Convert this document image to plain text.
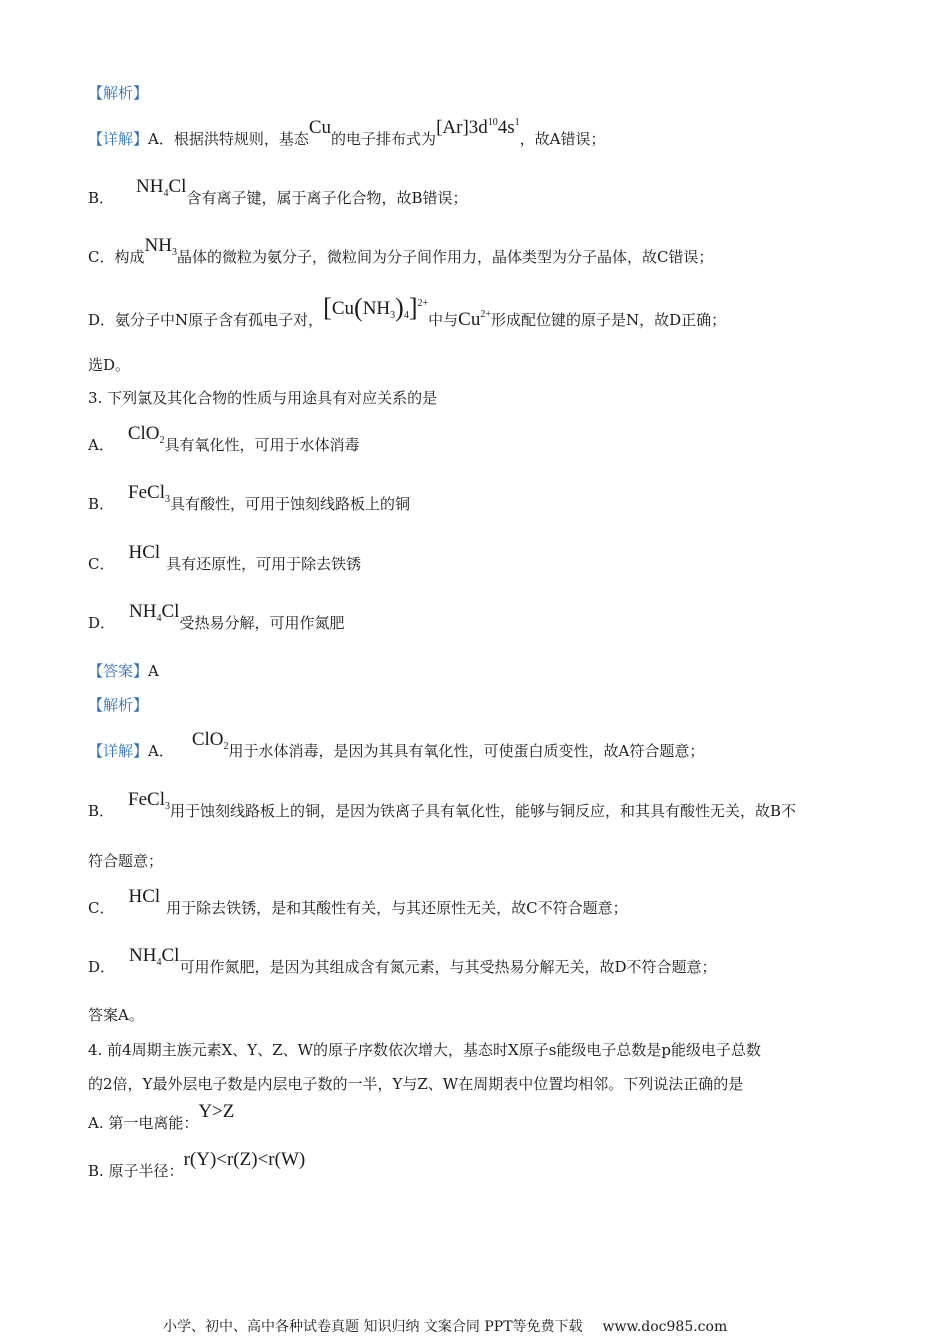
【解析】
【详解】A．根据洪特规则，基态Cu的电子排布式为$[Ar]3d^{10}4s^1$，故A错误；
B．$NH_4Cl$含有离子键，属于离子化合物，故B错误；
C．构成$NH_3$晶体的微粒为氨分子，微粒间为分子间作用力，晶体类型为分子晶体，故C错误；
D．氨分子中N原子含有孤电子对，$[Cu(NH_3)_4]^{2+}$中与$Cu^{2+}$形成配位键的原子是N，故D正确；
选D。
3. 下列氯及其化合物的性质与用途具有对应关系的是
A．ClO$_2$具有氧化性，可用于水体消毒
B．FeCl$_3$具有酸性，可用于蚀刻线路板上的铜
C．HCl具有还原性，可用于除去铁锈
D．$NH_4Cl$受热易分解，可用作氮肥
【答案】A
【解析】
【详解】A．ClO$_2$用于水体消毒，是因为其具有氧化性，可使蛋白质变性，故A符合题意；
B．FeCl$_3$用于蚀刻线路板上的铜，是因为铁离子具有氧化性，能够与铜反应，和其具有酸性无关，故B不
符合题意；
C．HCl用于除去铁锈，是和其酸性有关，与其还原性无关，故C不符合题意；
D．$NH_4Cl$可用作氮肥，是因为其组成含有氮元素，与其受热易分解无关，故D不符合题意；
答案A。
4. 前4周期主族元素X、Y、Z、W的原子序数依次增大，基态时X原子s能级电子总数是p能级电子总数
的2倍，Y最外层电子数是内层电子数的一半，Y与Z、W在周期表中位置均相邻。下列说法正确的是
A. 第一电离能：Y>Z
B. 原子半径：r(Y)<r(Z)<r(W)
小学、初中、高中各种试卷真题 知识归纳 文案合同 PPT等免费下载 www.doc985.com
